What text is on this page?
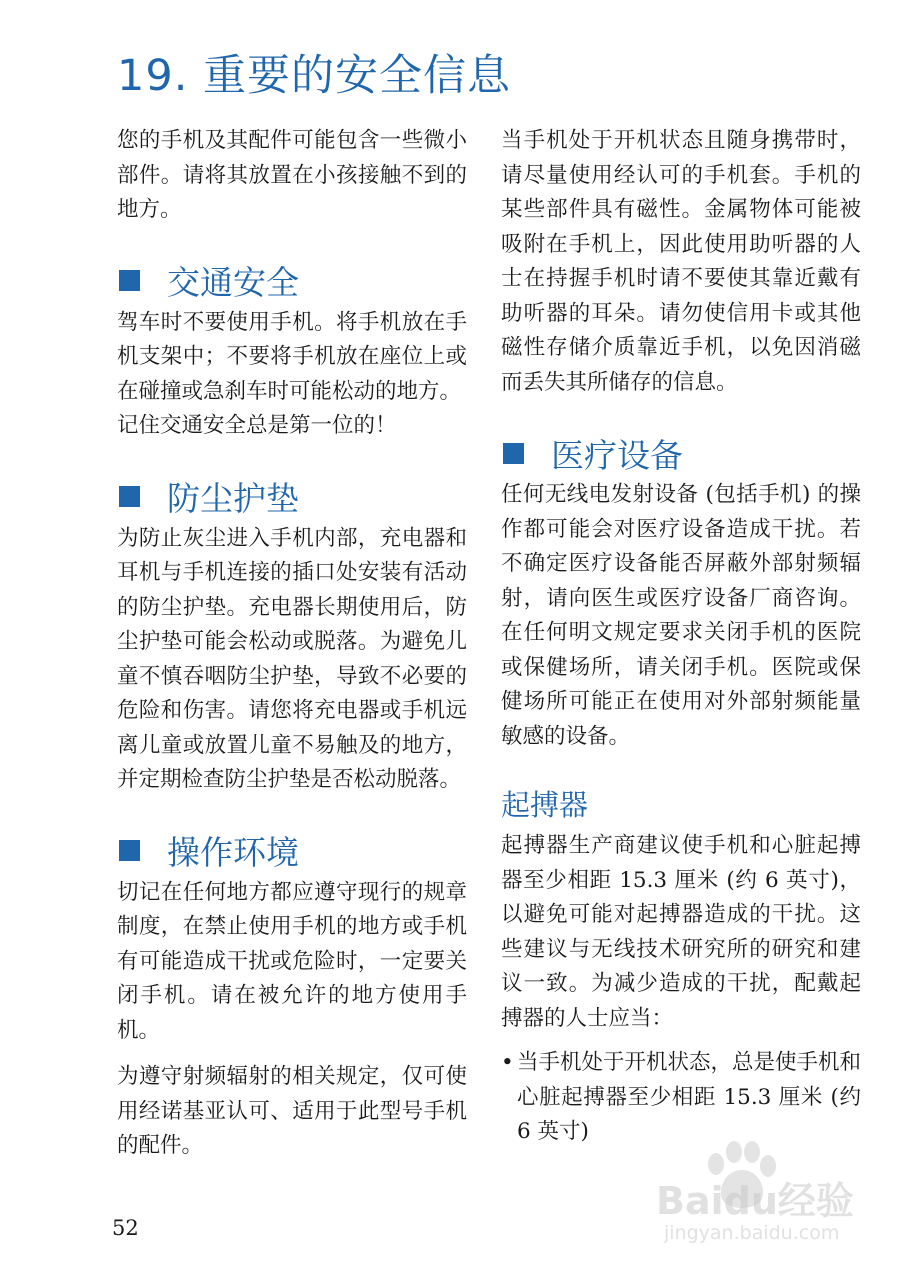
19. 重要的安全信息

您的手机及其配件可能包含一些微小部件。请将其放置在小孩接触不到的地方。

交通安全

驾车时不要使用手机。将手机放在手机支架中；不要将手机放在座位上或在碰撞或急刹车时可能松动的地方。

记住交通安全总是第一位的！

防尘护垫

为防止灰尘进入手机内部，充电器和耳机与手机连接的插口处安装有活动的防尘护垫。充电器长期使用后，防尘护垫可能会松动或脱落。为避免儿童不慎吞咽防尘护垫，导致不必要的危险和伤害。请您将充电器或手机远离儿童或放置儿童不易触及的地方，并定期检查防尘护垫是否松动脱落。

操作环境

切记在任何地方都应遵守现行的规章制度，在禁止使用手机的地方或手机有可能造成干扰或危险时，一定要关闭手机。请在被允许的地方使用手机。

为遵守射频辐射的相关规定，仅可使用经诺基亚认可、适用于此型号手机的配件。

当手机处于开机状态且随身携带时，请尽量使用经认可的手机套。手机的某些部件具有磁性。金属物体可能被吸附在手机上，因此使用助听器的人士在持握手机时请不要使其靠近戴有助听器的耳朵。请勿使信用卡或其他磁性存储介质靠近手机，以免因消磁而丢失其所储存的信息。

医疗设备

任何无线电发射设备 (包括手机) 的操作都可能会对医疗设备造成干扰。若不确定医疗设备能否屏蔽外部射频辐射，请向医生或医疗设备厂商咨询。在任何明文规定要求关闭手机的医院或保健场所，请关闭手机。医院或保健场所可能正在使用对外部射频能量敏感的设备。

起搏器

起搏器生产商建议使手机和心脏起搏器至少相距 15.3 厘米 (约 6 英寸)，以避免可能对起搏器造成的干扰。这些建议与无线技术研究所的研究和建议一致。为减少造成的干扰，配戴起搏器的人士应当：

• 当手机处于开机状态，总是使手机和心脏起搏器至少相距 15.3 厘米 (约 6 英寸)

52
Baidu经验
jingyan.baidu.com
